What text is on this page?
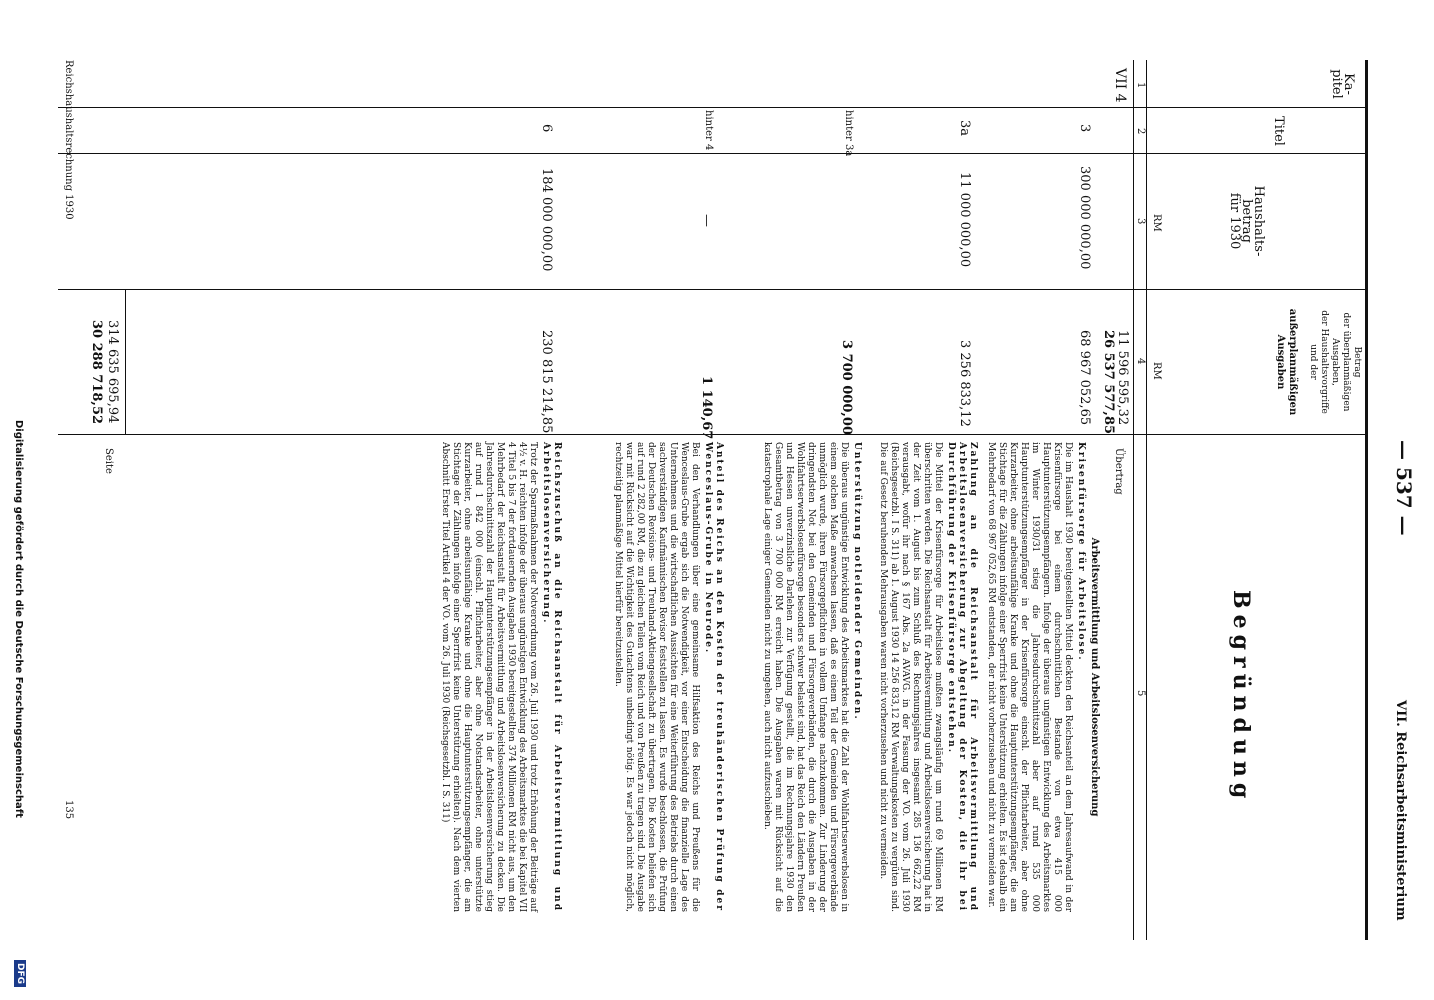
— 537 —
VII. Reichsarbeitsministerium
Ka-
pitel
Titel
Haushalts-
betrag
für 1930
Betrag
der überplanmäßigen
Ausgaben,
der Haushaltsvorgriffe
und der
außerplanmäßigen
Ausgaben
Begründung
RM
RM
1
2
3
4
5
VII 4
11 596 595,32
26 537 577,85
Übertrag
3
300 000 000,00
68 967 052,65

Arbeitsvermittlung und Arbeitslosenversicherung

Krisenfürsorge für Arbeitslose.

Die im Haushalt 1930 bereitgestellten Mittel deckten den Reichsanteil an dem Jahresaufwand in der Krisenfürsorge bei einem durchschnittlichen Bestande von etwa 415 000 Hauptunterstützungsempfängern. Infolge der überaus ungünstigen Entwicklung des Arbeitsmarktes im Winter 1930/31 stieg die Jahresdurchschnittszahl aber auf rund 535 000 Hauptunterstützungsempfänger in der Krisenfürsorge einschl. der Pflichtarbeiter, aber ohne Kurzarbeiter, ohne arbeitsunfähige Kranke und ohne die Hauptunterstützungsempfänger, die am Stichtage für die Zählungen infolge einer Sperrfrist keine Unterstützung erhielten. Es ist deshalb ein Mehrbedarf von 68 967 052,65 RM entstanden, der nicht vorherzusehen und nicht zu vermeiden war.

3a
11 000 000,00
3 256 833,12

Zahlung an die Reichsanstalt für Arbeitsvermittlung und Arbeitslosenversicherung zur Abgeltung der Kosten, die ihr bei Durchführung der Krisenfürsorge entstehen.

Die Mittel der Krisenfürsorge für Arbeitslose mußten zwangsläufig um rund 69 Millionen RM überschritten werden. Die Reichsanstalt für Arbeitsvermittlung und Arbeitslosenversicherung hat in der Zeit vom 1. August bis zum Schluß des Rechnungsjahres insgesamt 285 136 662,22 RM verausgabt, wofür ihr nach § 167 Abs. 2a AVAVG. in der Fassung der VO. vom 26. Juli 1930 (Reichsgesetzbl. I S. 311) ab 1. August 1930 14 256 833,12 RM Verwaltungskosten zu vergüten sind. Die auf Gesetz beruhenden Mehrausgaben waren nicht vorherzusehen und nicht zu vermeiden.

hinter 3a
3 700 000,00

Unterstützung notleidender Gemeinden.

Die überaus ungünstige Entwicklung des Arbeitsmarktes hat die Zahl der Wohlfahrtserwerbslosen in einem solchen Maße anwachsen lassen, daß es einem Teil der Gemeinden und Fürsorgeverbände unmöglich wurde, ihren Fürsorgepflichten in vollem Umfange nachzukommen. Zur Linderung der dringendsten Not bei den Gemeinden und Fürsorgeverbänden, die durch die Ausgaben in der Wohlfahrtserwerbslosenfürsorge besonders schwer belastet sind, hat das Reich den Ländern Preußen und Hessen unverzinsliche Darlehen zur Verfügung gestellt, die im Rechnungsjahre 1930 den Gesamtbetrag von 3 700 000 RM erreicht haben. Die Ausgaben waren mit Rücksicht auf die katastrophale Lage einiger Gemeinden nicht zu umgehen, auch nicht aufzuschieben.

hinter 4
—
1 140,67

Anteil des Reichs an den Kosten der treuhänderischen Prüfung der Wenceslaus-Grube in Neurode.

Bei den Verhandlungen über eine gemeinsame Hilfsaktion des Reichs und Preußens für die Wenceslaus-Grube ergab sich die Notwendigkeit, vor einer Entscheidung die finanzielle Lage des Unternehmens und die wirtschaftlichen Aussichten für eine Weiterführung des Betriebs durch einen sachverständigen Kaufmännischen Revisor feststellen zu lassen. Es wurde beschlossen, die Prüfung der Deutschen Revisions- und Treuhand-Aktiengesellschaft zu übertragen. Die Kosten beliefen sich auf rund 2 282,00 RM, die zu gleichen Teilen vom Reich und von Preußen zu tragen sind. Die Ausgabe war mit Rücksicht auf die Wichtigkeit des Gutachtens unbedingt nötig. Es war jedoch nicht möglich, rechtzeitig planmäßige Mittel hierfür bereitzustellen.

6
184 000 000,00
230 815 214,85

Reichszuschuß an die Reichsanstalt für Arbeitsvermittlung und Arbeitslosenversicherung.

Trotz der Sparmaßnahmen der Notverordnung vom 26. Juli 1930 und trotz Erhöhung der Beiträge auf 4½ v. H. reichten infolge der überaus ungünstigen Entwicklung des Arbeitsmarktes die bei Kapitel VII 4 Titel 5 bis 7 der fortdauernden Ausgaben 1930 bereitgestellten 374 Millionen RM nicht aus, um den Mehrbedarf der Reichsanstalt für Arbeitsvermittlung und Arbeitslosenversicherung zu decken. Die Jahresdurchschnittszahl der Hauptunterstützungsempfänger in der Arbeitslosenversicherung stieg auf rund 1 842 000 (einschl. Pflichtarbeiter, aber ohne Notstandsarbeiter, ohne unterstützte Kurzarbeiter, ohne arbeitsunfähige Kranke und ohne die Hauptunterstützungsempfänger, die am Stichtage der Zählungen infolge einer Sperrfrist keine Unterstützung erhielten). Nach dem vierten Abschnitt Erster Titel Artikel 4 der VO. vom 26. Juli 1930 (Reichsgesetzbl. I S. 311)

314 635 695,94
30 288 718,52
Seite
Reichshaushaltsrechnung 1930
135
Digitalisierung gefördert durch die Deutsche Forschungsgemeinschaft
DFG
